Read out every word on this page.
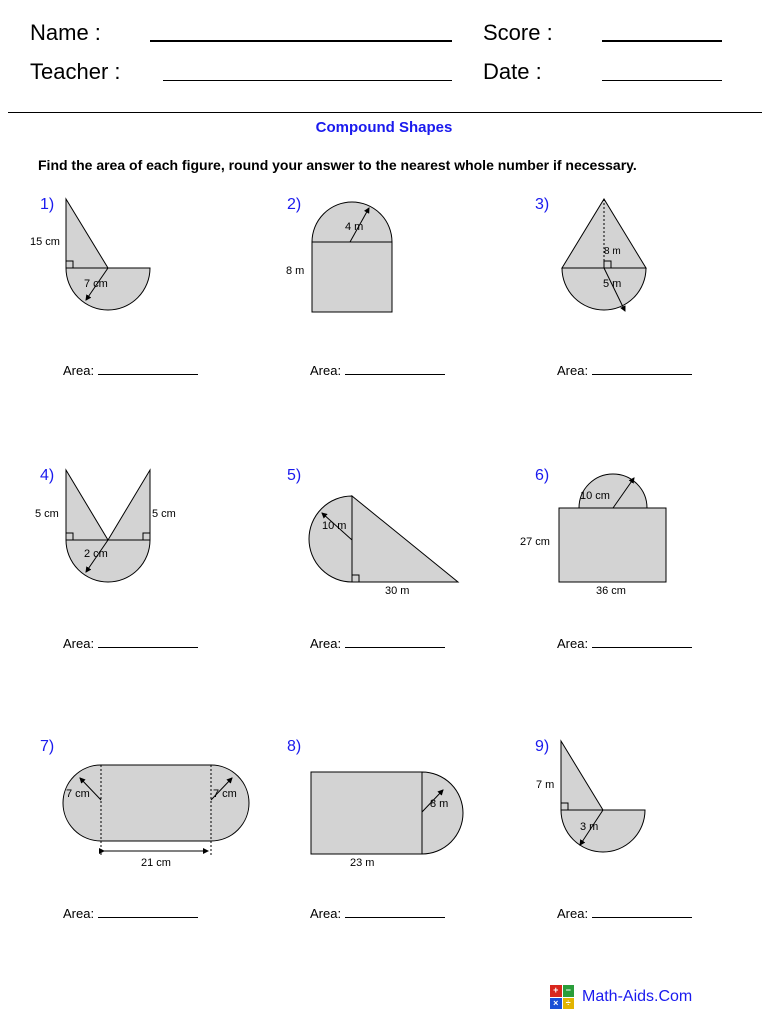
Name :
Teacher :
Score :
Date :
Compound Shapes
Find the area of each figure, round your answer to the nearest whole number if necessary.
1)	2)	3)
4)	5)	6)
7)	8)	9)
Area:	Area:	Area:
Area:	Area:	Area:
Area:	Area:	Area:
15 cm
7 cm
4 m
8 m
8 m
5 m
5 cm	5 cm
2 cm
10 m
30 m
10 cm
27 cm
36 cm
7 cm	7 cm
21 cm
8 m
23 m
7 m
3 m
+ −
× ÷ Math-Aids.Com
